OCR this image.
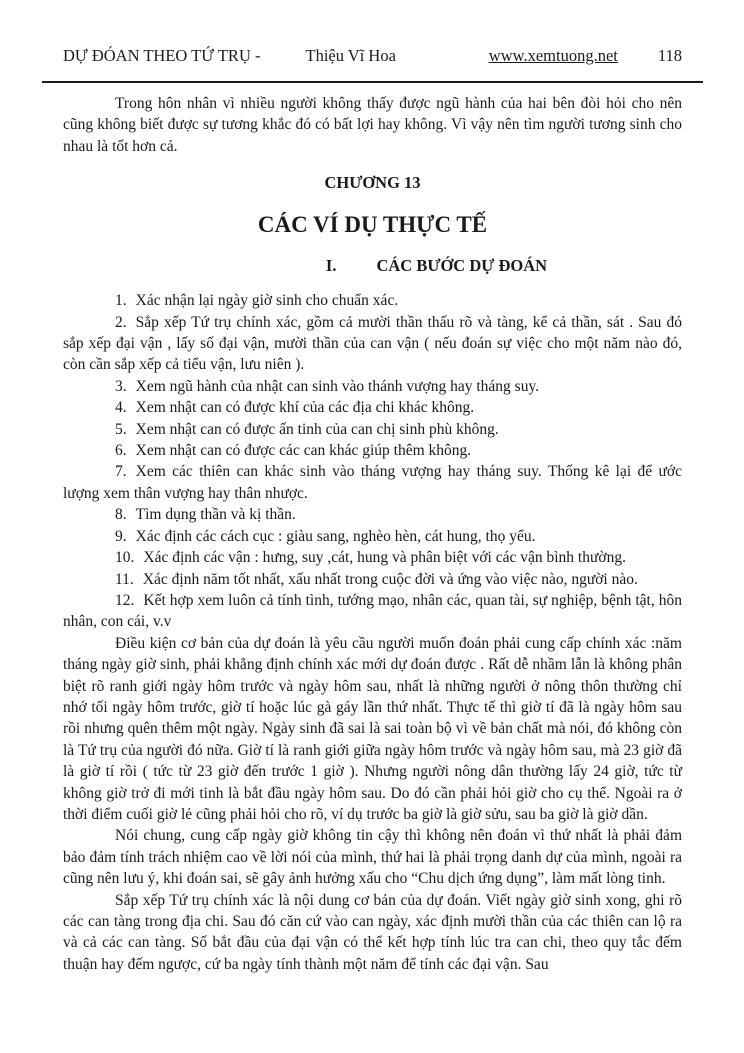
DỰ ĐÓAN THEO TỨ TRỤ -	Thiệu Vĩ Hoa	www.xemtuong.net 118

Trong hôn nhân vì nhiều người không thấy được ngũ hành của hai bên đòi hỏi cho nên cũng không biết được sự tương khắc đó có bất lợi hay không. Vì vậy nên tìm người tương sinh cho nhau là tốt hơn cả.

CHƯƠNG 13
CÁC VÍ DỤ THỰC TẾ
I. CÁC BƯỚC DỰ ĐOÁN

1. Xác nhận lại ngày giờ sinh cho chuẩn xác.

2. Sắp xếp Tứ trụ chính xác, gồm cả mười thần thấu rõ và tàng, kể cả thần, sát . Sau đó sắp xếp đại vận , lấy số đại vận, mười thần của can vận ( nếu đoán sự việc cho một năm nào đó, còn cần sắp xếp cả tiểu vận, lưu niên ).

3. Xem ngũ hành của nhật can sinh vào thánh vượng hay tháng suy.

4. Xem nhật can có được khí của các địa chi khác không.

5. Xem nhật can có được ấn tinh của can chị sinh phù không.

6. Xem nhật can có được các can khác giúp thêm không.

7. Xem các thiên can khác sinh vào tháng vượng hay tháng suy. Thống kê lại để ước lượng xem thân vượng hay thân nhược.

8. Tìm dụng thần và kị thần.

9. Xác định các cách cục : giàu sang, nghèo hèn, cát hung, thọ yểu.

10. Xác định các vận : hưng, suy ,cát, hung và phân biệt với các vận bình thường.

11. Xác định năm tốt nhất, xấu nhất trong cuộc đời và ứng vào việc nào, người nào.

12. Kết hợp xem luôn cả tính tình, tướng mạo, nhân các, quan tài, sự nghiệp, bệnh tật, hôn nhân, con cái, v.v

Điều kiện cơ bản của dự đoán là yêu cầu người muốn đoán phải cung cấp chính xác :năm tháng ngày giờ sinh, phải khẳng định chính xác mới dự đoán được . Rất dễ nhầm lẫn là không phân biệt rõ ranh giới ngày hôm trước và ngày hôm sau, nhất là những người ở nông thôn thường chỉ nhớ tối ngày hôm trước, giờ tí hoặc lúc gà gáy lần thứ nhất. Thực tế thì giờ tí đã là ngày hôm sau rồi nhưng quên thêm một ngày. Ngày sinh đã sai là sai toàn bộ vì về bản chất mà nói, đó không còn là Tứ trụ của người đó nữa. Giờ tí là ranh giới giữa ngày hôm trước và ngày hôm sau, mà 23 giờ đã là giờ tí rồi ( tức từ 23 giờ đến trước 1 giờ ). Nhưng người nông dân thường lấy 24 giờ, tức từ không giờ trở đi mới tinh là bắt đầu ngày hôm sau. Do đó cần phải hỏi giờ cho cụ thể. Ngoài ra ở thời điểm cuối giờ lẻ cũng phải hỏi cho rõ, ví dụ trước ba giờ là giờ sửu, sau ba giờ là giờ dần.

Nói chung, cung cấp ngày giờ không tin cậy thì không nên đoán vì thứ nhất là phải đảm bảo đảm tính trách nhiệm cao về lời nói của mình, thứ hai là phải trọng danh dự của mình, ngoài ra cũng nên lưu ý, khi đoán sai, sẽ gây ảnh hưởng xấu cho “Chu dịch ứng dụng”, làm mất lòng tinh.

Sắp xếp Tứ trụ chính xác là nội dung cơ bản của dự đoán. Viết ngày giờ sinh xong, ghi rõ các can tàng trong địa chi. Sau đó căn cứ vào can ngày, xác định mười thần của các thiên can lộ ra và cả các can tàng. Số bắt đầu của đại vận có thể kết hợp tính lúc tra can chi, theo quy tắc đếm thuận hay đếm ngược, cứ ba ngày tính thành một năm để tính các đại vận. Sau
